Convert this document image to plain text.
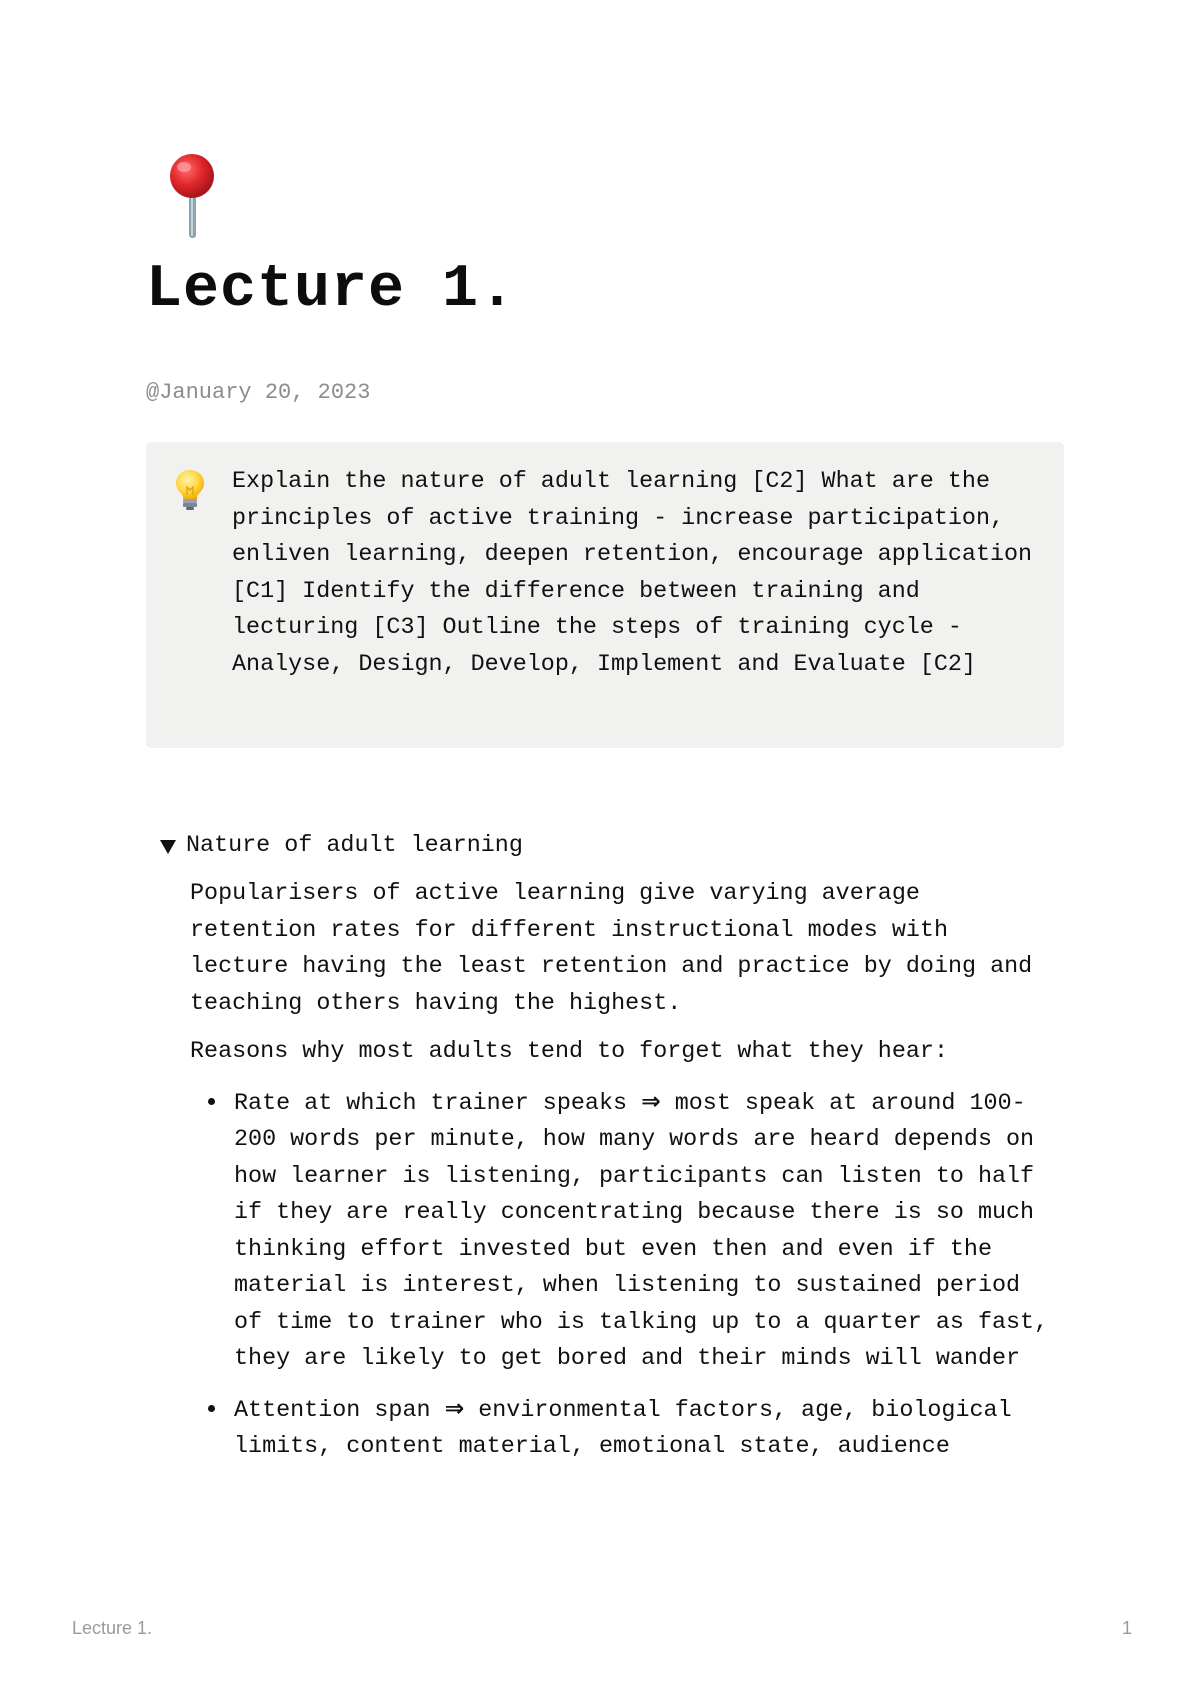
Lecture 1.
@January 20, 2023
Explain the nature of adult learning [C2] What are the principles of active training - increase participation, enliven learning, deepen retention, encourage application [C1] Identify the difference between training and lecturing [C3] Outline the steps of training cycle - Analyse, Design, Develop, Implement and Evaluate [C2]
Nature of adult learning

Popularisers of active learning give varying average retention rates for different instructional modes with lecture having the least retention and practice by doing and teaching others having the highest.

Reasons why most adults tend to forget what they hear:

Rate at which trainer speaks ⇒ most speak at around 100-200 words per minute, how many words are heard depends on how learner is listening, participants can listen to half if they are really concentrating because there is so much thinking effort invested but even then and even if the material is interest, when listening to sustained period of time to trainer who is talking up to a quarter as fast, they are likely to get bored and their minds will wander
Attention span ⇒ environmental factors, age, biological limits, content material, emotional state, audience
Lecture 1.	1
